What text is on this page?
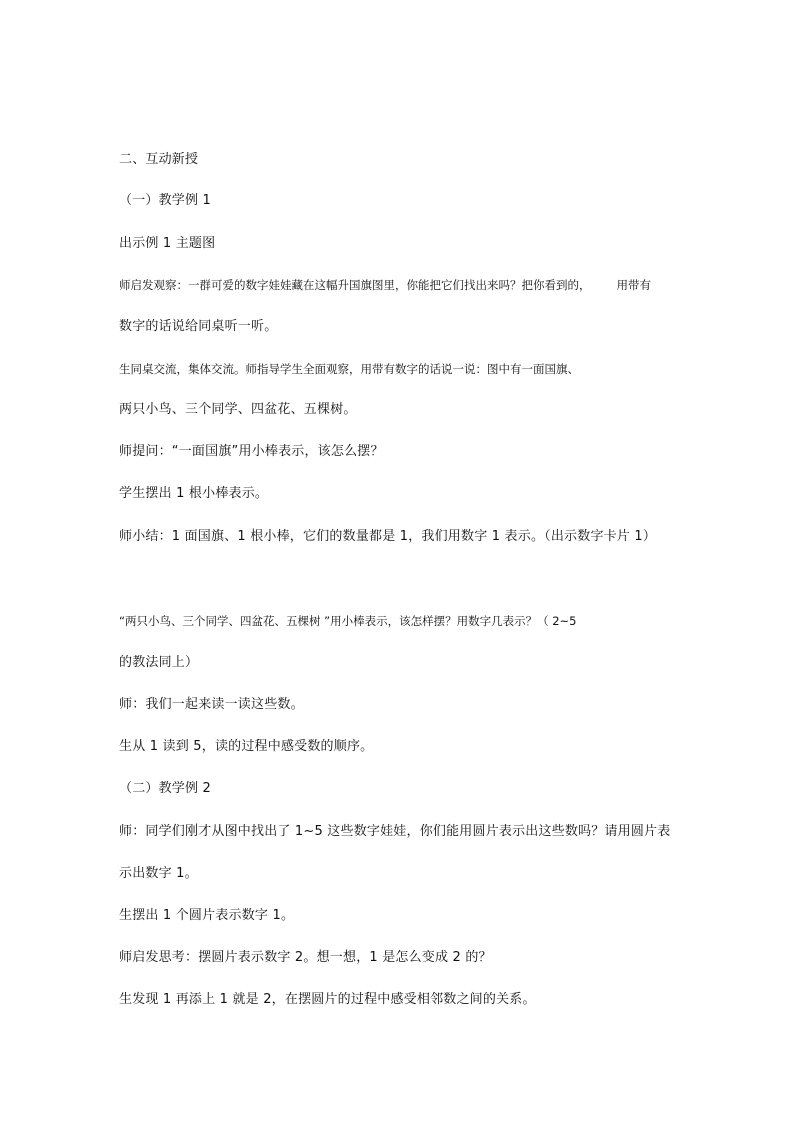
二、互动新授
（一）教学例 1
出示例 1 主题图
师启发观察：一群可爱的数字娃娃藏在这幅升国旗图里，你能把它们找出来吗？把你看到的， 用带有
数字的话说给同桌听一听。
生同桌交流，集体交流。师指导学生全面观察，用带有数字的话说一说：图中有一面国旗、
两只小鸟、三个同学、四盆花、五棵树。
师提问：“一面国旗”用小棒表示，该怎么摆？
学生摆出 1 根小棒表示。
师小结：1 面国旗、1 根小棒，它们的数量都是 1，我们用数字 1 表示。（出示数字卡片 1）
“两只小鸟、三个同学、四盆花、五棵树 ”用小棒表示，该怎样摆？用数字几表示？（ 2~5
的教法同上）
师：我们一起来读一读这些数。
生从 1 读到 5，读的过程中感受数的顺序。
（二）教学例 2
师：同学们刚才从图中找出了 1~5 这些数字娃娃，你们能用圆片表示出这些数吗？请用圆片表
示出数字 1。
生摆出 1 个圆片表示数字 1。
师启发思考：摆圆片表示数字 2。想一想，1 是怎么变成 2 的？
生发现 1 再添上 1 就是 2，在摆圆片的过程中感受相邻数之间的关系。
